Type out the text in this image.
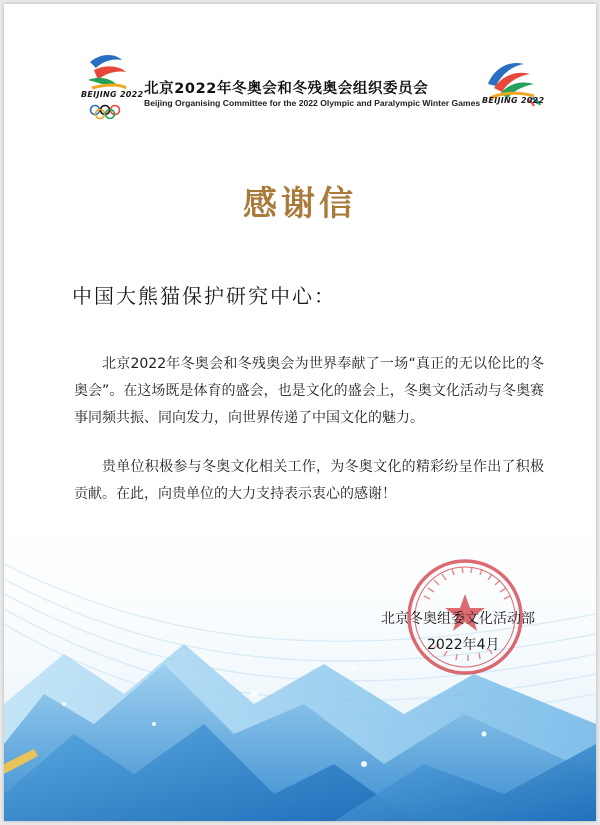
BEIJING 2022
BEIJING 2022
北京2022年冬奥会和冬残奥会组织委员会
Beijing Organising Committee for the 2022 Olympic and Paralympic Winter Games
感谢信
中国大熊猫保护研究中心：
北京2022年冬奥会和冬残奥会为世界奉献了一场“真正的无以伦比的冬奥会”。在这场既是体育的盛会，也是文化的盛会上，冬奥文化活动与冬奥赛事同频共振、同向发力，向世界传递了中国文化的魅力。
贵单位积极参与冬奥文化相关工作，为冬奥文化的精彩纷呈作出了积极贡献。在此，向贵单位的大力支持表示衷心的感谢！
北京冬奥组委文化活动部
2022年4月
